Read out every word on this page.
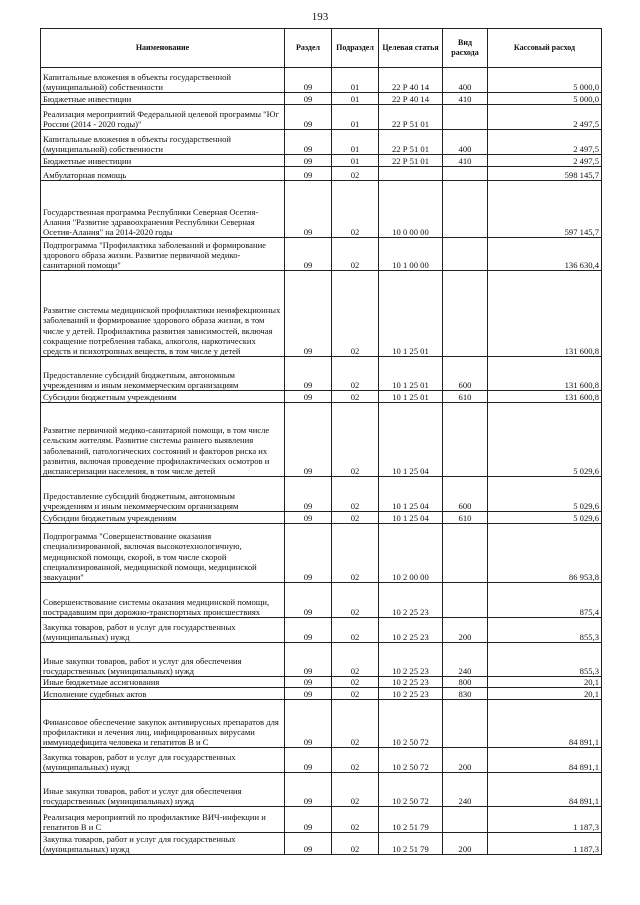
193
Наименование	Раздел	Подраздел	Целевая статья	Вид расхода	Кассовый расход
Капитальные вложения в объекты государственной (муниципальной) собственности	09	01	22 Р 40 14	400	5 000,0
Бюджетные инвестиции	09	01	22 Р 40 14	410	5 000,0
Реализация мероприятий Федеральной целевой программы "Юг России (2014 - 2020 годы)"	09	01	22 Р 51 01		2 497,5
Капитальные вложения в объекты государственной (муниципальной) собственности	09	01	22 Р 51 01	400	2 497,5
Бюджетные инвестиции	09	01	22 Р 51 01	410	2 497,5
Амбулаторная помощь	09	02			598 145,7
Государственная программа Республики Северная Осетия-Алания "Развитие здравоохранения Республики Северная Осетия-Алания" на 2014-2020 годы	09	02	10 0 00 00		597 145,7
Подпрограмма "Профилактика заболеваний и формирование здорового образа жизни. Развитие первичной медико-санитарной помощи"	09	02	10 1 00 00		136 630,4
Развитие системы медицинской профилактики неинфекционных заболеваний и формирование здорового образа жизни, в том числе у детей. Профилактика развития зависимостей, включая сокращение потребления табака, алкоголя, наркотических средств и психотропных веществ, в том числе у детей	09	02	10 1 25 01		131 600,8
Предоставление субсидий бюджетным, автономным учреждениям и иным некоммерческим организациям	09	02	10 1 25 01	600	131 600,8
Субсидии бюджетным учреждениям	09	02	10 1 25 01	610	131 600,8
Развитие первичной медико-санитарной помощи, в том числе сельским жителям. Развитие системы раннего выявления заболеваний, патологических состояний и факторов риска их развития, включая проведение профилактических осмотров и диспансеризации населения, в том числе детей	09	02	10 1 25 04		5 029,6
Предоставление субсидий бюджетным, автономным учреждениям и иным некоммерческим организациям	09	02	10 1 25 04	600	5 029,6
Субсидии бюджетным учреждениям	09	02	10 1 25 04	610	5 029,6
Подпрограмма "Совершенствование оказания специализированной, включая высокотехнологичную, медицинской помощи, скорой, в том числе скорой специализированной, медицинской помощи, медицинской эвакуации"	09	02	10 2 00 00		86 953,8
Совершенствование системы оказания медицинской помощи, пострадавшим при дорожно-транспортных происшествиях	09	02	10 2 25 23		875,4
Закупка товаров, работ и услуг для государственных (муниципальных) нужд	09	02	10 2 25 23	200	855,3
Иные закупки товаров, работ и услуг для обеспечения государственных (муниципальных) нужд	09	02	10 2 25 23	240	855,3
Иные бюджетные ассигнования	09	02	10 2 25 23	800	20,1
Исполнение судебных актов	09	02	10 2 25 23	830	20,1
Финансовое обеспечение закупок антивирусных препаратов для профилактики и лечения лиц, инфицированных вирусами иммунодефицита человека и гепатитов В и С	09	02	10 2 50 72		84 891,1
Закупка товаров, работ и услуг для государственных (муниципальных) нужд	09	02	10 2 50 72	200	84 891,1
Иные закупки товаров, работ и услуг для обеспечения государственных (муниципальных) нужд	09	02	10 2 50 72	240	84 891,1
Реализация мероприятий по профилактике ВИЧ-инфекции и гепатитов В и С	09	02	10 2 51 79		1 187,3
Закупка товаров, работ и услуг для государственных (муниципальных) нужд	09	02	10 2 51 79	200	1 187,3
